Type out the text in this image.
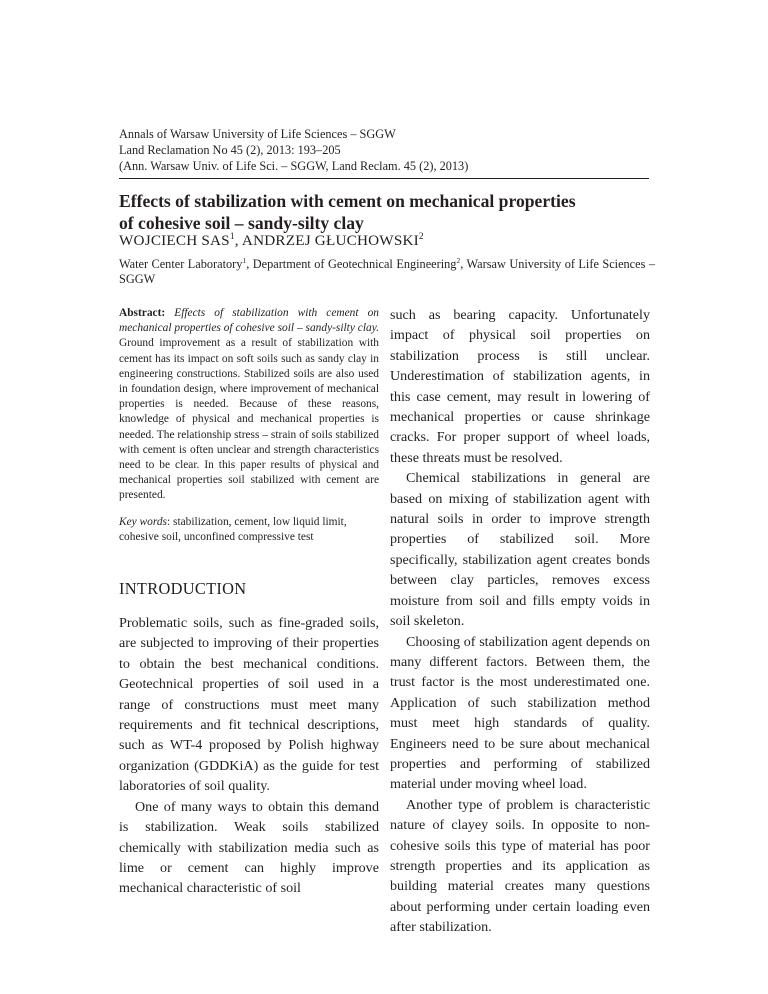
Annals of Warsaw University of Life Sciences – SGGW
Land Reclamation No 45 (2), 2013: 193–205
(Ann. Warsaw Univ. of Life Sci. – SGGW, Land Reclam. 45 (2), 2013)
Effects of stabilization with cement on mechanical properties
of cohesive soil – sandy-silty clay
WOJCIECH SAS$^1$, ANDRZEJ GŁUCHOWSKI$^2$
Water Center Laboratory$^1$, Department of Geotechnical Engineering$^2$, Warsaw University of Life Sciences – SGGW

Abstract: Effects of stabilization with cement on mechanical properties of cohesive soil – sandy-silty clay. Ground improvement as a result of stabilization with cement has its impact on soft soils such as sandy clay in engineering constructions. Stabilized soils are also used in foundation design, where improvement of mechanical properties is needed. Because of these reasons, knowledge of physical and mechanical properties is needed. The relationship stress – strain of soils stabilized with cement is often unclear and strength characteristics need to be clear. In this paper results of physical and mechanical properties soil stabilized with cement are presented.

Key words: stabilization, cement, low liquid limit, cohesive soil, unconfined compressive test

INTRODUCTION

Problematic soils, such as fine-graded soils, are subjected to improving of their properties to obtain the best mechanical conditions. Geotechnical properties of soil used in a range of constructions must meet many requirements and fit technical descriptions, such as WT-4 proposed by Polish highway organization (GDDKiA) as the guide for test laboratories of soil quality.

One of many ways to obtain this demand is stabilization. Weak soils stabilized chemically with stabilization media such as lime or cement can highly improve mechanical characteristic of soil

such as bearing capacity. Unfortunately impact of physical soil properties on stabilization process is still unclear. Underestimation of stabilization agents, in this case cement, may result in lowering of mechanical properties or cause shrinkage cracks. For proper support of wheel loads, these threats must be resolved.

Chemical stabilizations in general are based on mixing of stabilization agent with natural soils in order to improve strength properties of stabilized soil. More specifically, stabilization agent creates bonds between clay particles, removes excess moisture from soil and fills empty voids in soil skeleton.

Choosing of stabilization agent depends on many different factors. Between them, the trust factor is the most underestimated one. Application of such stabilization method must meet high standards of quality. Engineers need to be sure about mechanical properties and performing of stabilized material under moving wheel load.

Another type of problem is characteristic nature of clayey soils. In opposite to non-cohesive soils this type of material has poor strength properties and its application as building material creates many questions about performing under certain loading even after stabilization.
